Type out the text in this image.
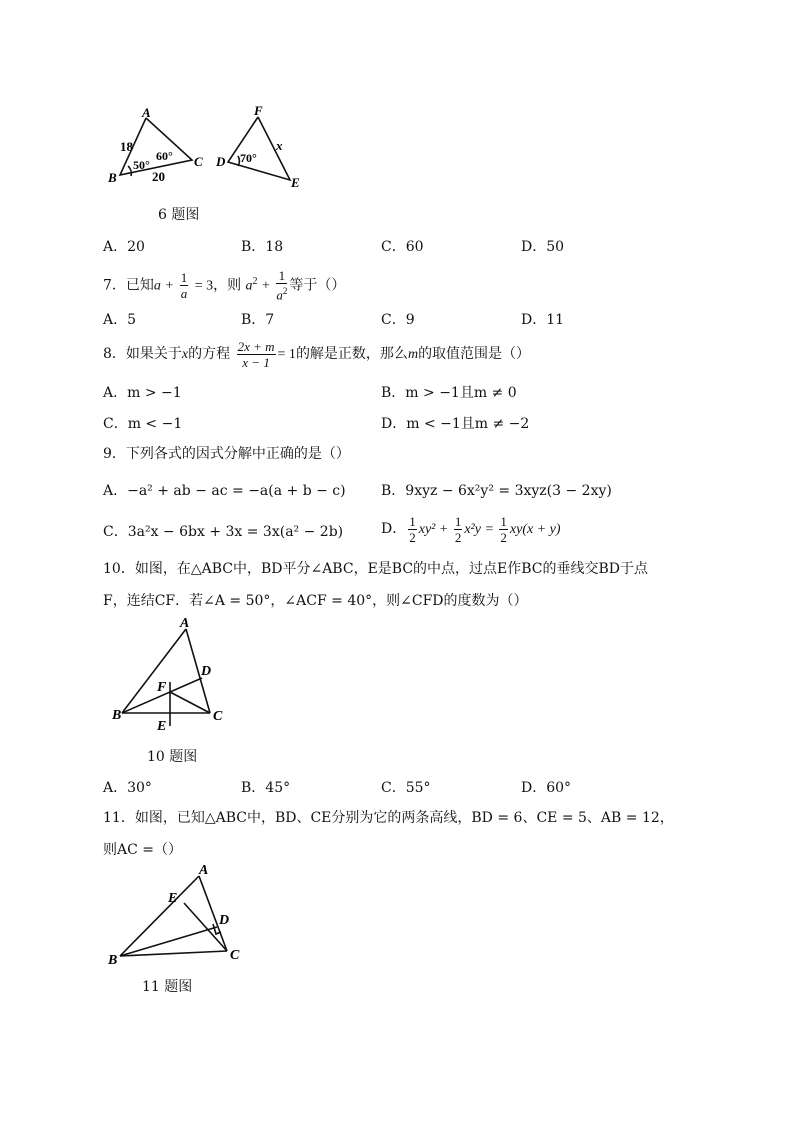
A
B
C
18
50°
60°
20
F
D
E
70°
x
6 题图
A．20	B．18	C．60	D．50
7．已知$a + \frac{1}{a} = 3$，则 $a^2 + \frac{1}{a^2}$ 等于（）
A．5	B．7	C．9	D．11
8．如果关于x的方程 $\frac{2x + m}{x - 1} = 1$的解是正数，那么m的取值范围是（）
A．m > −1	B．m > −1且m ≠ 0
C．m < −1	D．m < −1且m ≠ −2
9．下列各式的因式分解中正确的是（）
A．−a² + ab − ac = −a(a + b − c)	B．9xyz − 6x²y² = 3xyz(3 − 2xy)
C．3a²x − 6bx + 3x = 3x(a² − 2b)	D． $\frac{1}{2} xy^2 + \frac{1}{2} x^2y = \frac{1}{2} xy(x + y)$
10．如图，在△ABC中，BD平分∠ABC，E是BC的中点，过点E作BC的垂线交BD于点
F，连结CF．若∠A = 50°，∠ACF = 40°，则∠CFD的度数为（）
A
B	C
D
E
F
10 题图
A．30°	B．45°	C．55°	D．60°
11．如图，已知△ABC中，BD、CE分别为它的两条高线，BD = 6、CE = 5、AB = 12，
则AC =（）
A
B	C
D
E
11 题图
